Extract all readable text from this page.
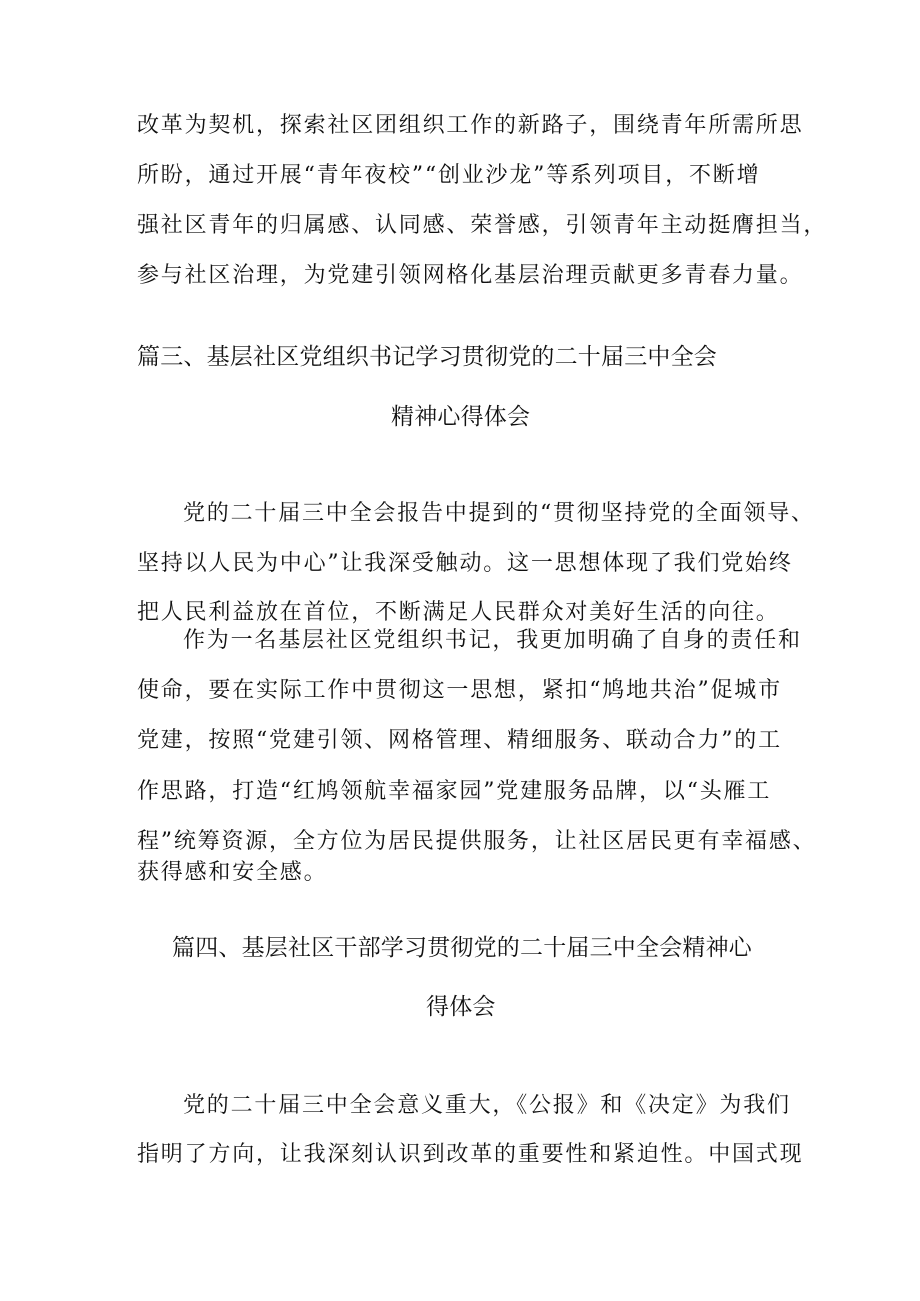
改革为契机，探索社区团组织工作的新路子，围绕青年所需所思
所盼，通过开展“青年夜校”“创业沙龙”等系列项目，不断增
强社区青年的归属感、认同感、荣誉感，引领青年主动挺膺担当，
参与社区治理，为党建引领网格化基层治理贡献更多青春力量。
篇三、基层社区党组织书记学习贯彻党的二十届三中全会
精神心得体会
党的二十届三中全会报告中提到的“贯彻坚持党的全面领导、
坚持以人民为中心”让我深受触动。这一思想体现了我们党始终
把人民利益放在首位，不断满足人民群众对美好生活的向往。
作为一名基层社区党组织书记，我更加明确了自身的责任和
使命，要在实际工作中贯彻这一思想，紧扣“鸠地共治”促城市
党建，按照“党建引领、网格管理、精细服务、联动合力”的工
作思路，打造“红鸠领航幸福家园”党建服务品牌，以“头雁工
程”统筹资源，全方位为居民提供服务，让社区居民更有幸福感、
获得感和安全感。
篇四、基层社区干部学习贯彻党的二十届三中全会精神心
得体会
党的二十届三中全会意义重大，《公报》和《决定》为我们
指明了方向，让我深刻认识到改革的重要性和紧迫性。中国式现
